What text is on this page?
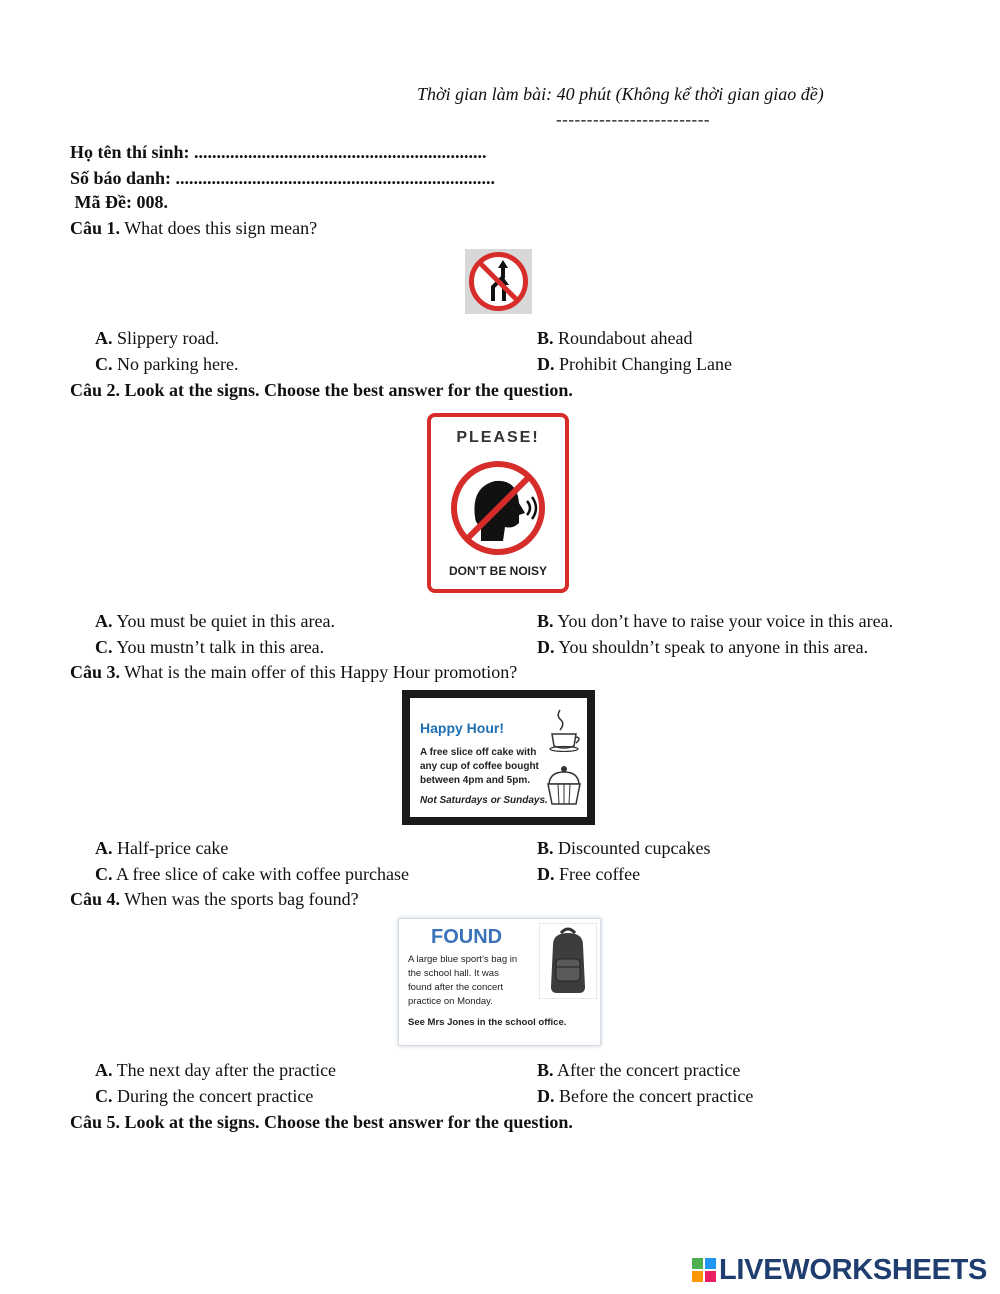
Thời gian làm bài: 40 phút (Không kể thời gian giao đề)
-------------------------
Họ tên thí sinh: .................................................................
Số báo danh: .......................................................................
Mã Đề: 008.
Câu 1. What does this sign mean?
A. Slippery road.	B. Roundabout ahead
C. No parking here.	D. Prohibit Changing Lane
Câu 2. Look at the signs. Choose the best answer for the question.
PLEASE!
DON’T BE NOISY
A. You must be quiet in this area.	B. You don’t have to raise your voice in this area.
C. You mustn’t talk in this area.	D. You shouldn’t speak to anyone in this area.
Câu 3. What is the main offer of this Happy Hour promotion?
Happy Hour!
A free slice off cake with
any cup of coffee bought
between 4pm and 5pm.
Not Saturdays or Sundays.
A. Half-price cake	B. Discounted cupcakes
C. A free slice of cake with coffee purchase	D. Free coffee
Câu 4. When was the sports bag found?
FOUND
A large blue sport’s bag in
the school hall. It was
found after the concert
practice on Monday.
See Mrs Jones in the school office.
A. The next day after the practice	B. After the concert practice
C. During the concert practice	D. Before the concert practice
Câu 5. Look at the signs. Choose the best answer for the question.
LIVEWORKSHEETS
